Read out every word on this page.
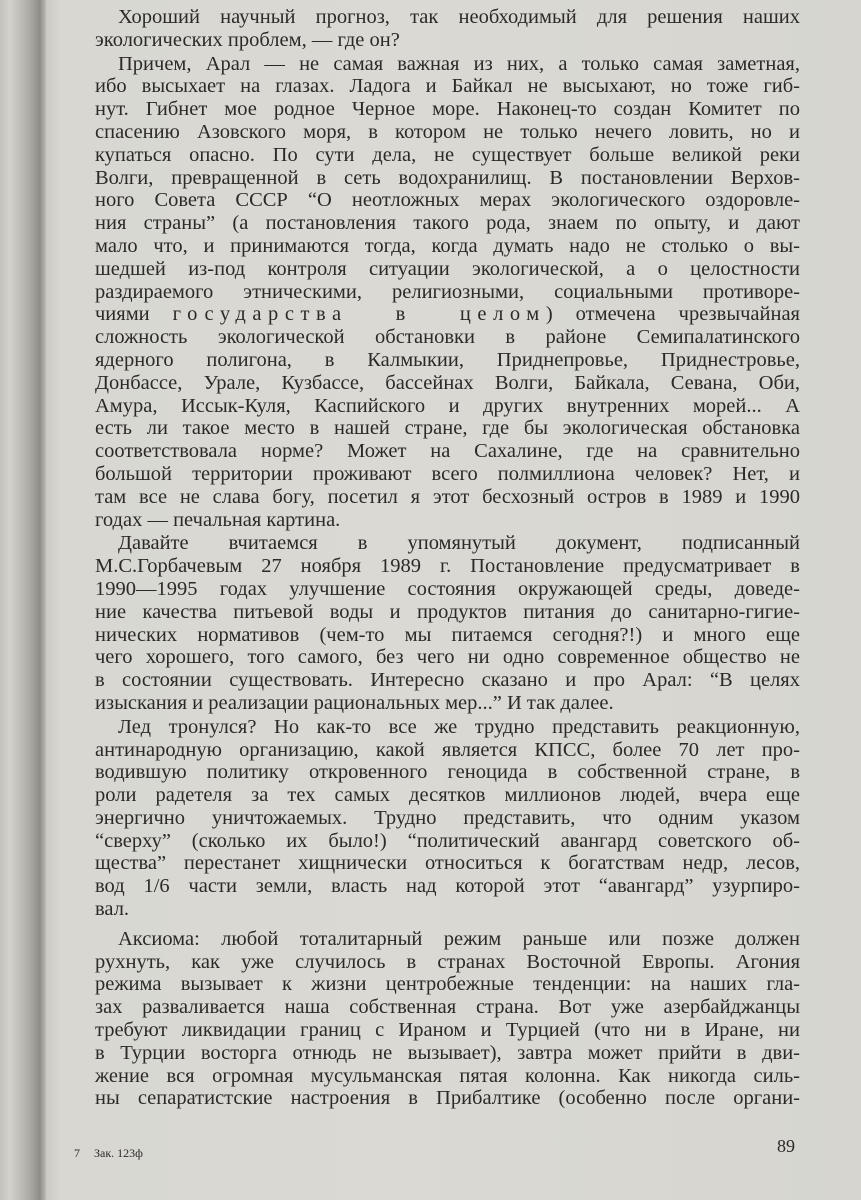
Хороший научный прогноз, так необходимый для решения наших
экологических проблем, — где он?
Причем, Арал — не самая важная из них, а только самая заметная,
ибо высыхает на глазах. Ладога и Байкал не высыхают, но тоже гиб-
нут. Гибнет мое родное Черное море. Наконец-то создан Комитет по
спасению Азовского моря, в котором не только нечего ловить, но и
купаться опасно. По сути дела, не существует больше великой реки
Волги, превращенной в сеть водохранилищ. В постановлении Верхов-
ного Совета СССР “О неотложных мерах экологического оздоровле-
ния страны” (а постановления такого рода, знаем по опыту, и дают
мало что, и принимаются тогда, когда думать надо не столько о вы-
шедшей из-под контроля ситуации экологической, а о целостности
раздираемого этническими, религиозными, социальными противоре-
чиями государства в целом) отмечена чрезвычайная
сложность экологической обстановки в районе Семипалатинского
ядерного полигона, в Калмыкии, Приднепровье, Приднестровье,
Донбассе, Урале, Кузбассе, бассейнах Волги, Байкала, Севана, Оби,
Амура, Иссык-Куля, Каспийского и других внутренних морей... А
есть ли такое место в нашей стране, где бы экологическая обстановка
соответствовала норме? Может на Сахалине, где на сравнительно
большой территории проживают всего полмиллиона человек? Нет, и
там все не слава богу, посетил я этот бесхозный остров в 1989 и 1990
годах — печальная картина.
Давайте вчитаемся в упомянутый документ, подписанный
М.С.Горбачевым 27 ноября 1989 г. Постановление предусматривает в
1990—1995 годах улучшение состояния окружающей среды, доведе-
ние качества питьевой воды и продуктов питания до санитарно-гигие-
нических нормативов (чем-то мы питаемся сегодня?!) и много еще
чего хорошего, того самого, без чего ни одно современное общество не
в состоянии существовать. Интересно сказано и про Арал: “В целях
изыскания и реализации рациональных мер...” И так далее.
Лед тронулся? Но как-то все же трудно представить реакционную,
антинародную организацию, какой является КПСС, более 70 лет про-
водившую политику откровенного геноцида в собственной стране, в
роли радетеля за тех самых десятков миллионов людей, вчера еще
энергично уничтожаемых. Трудно представить, что одним указом
“сверху” (сколько их было!) “политический авангард советского об-
щества” перестанет хищнически относиться к богатствам недр, лесов,
вод 1/6 части земли, власть над которой этот “авангард” узурпиро-
вал.
Аксиома: любой тоталитарный режим раньше или позже должен
рухнуть, как уже случилось в странах Восточной Европы. Агония
режима вызывает к жизни центробежные тенденции: на наших гла-
зах разваливается наша собственная страна. Вот уже азербайджанцы
требуют ликвидации границ с Ираном и Турцией (что ни в Иране, ни
в Турции восторга отнюдь не вызывает), завтра может прийти в дви-
жение вся огромная мусульманская пятая колонна. Как никогда силь-
ны сепаратистские настроения в Прибалтике (особенно после органи-
7 Зак. 123ф	89
